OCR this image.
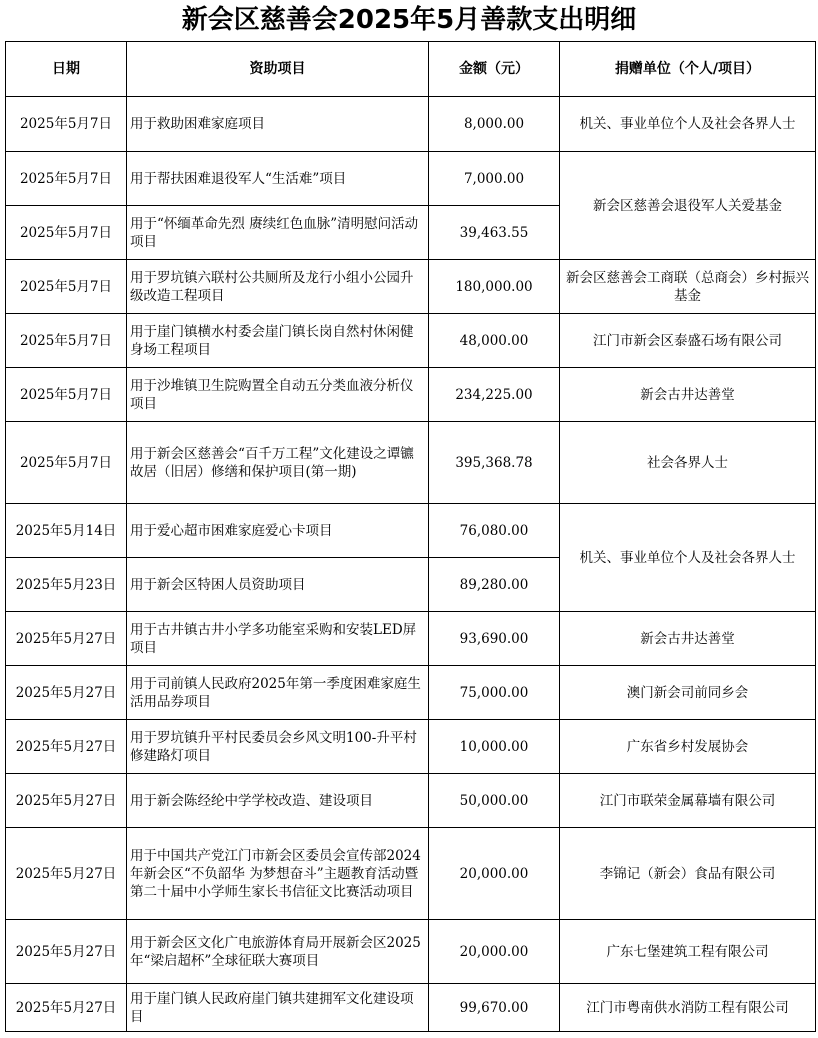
新会区慈善会2025年5月善款支出明细
日期	资助项目	金额（元）	捐赠单位（个人/项目）
2025年5月7日	用于救助困难家庭项目	8,000.00	机关、事业单位个人及社会各界人士
2025年5月7日	用于帮扶困难退役军人“生活难”项目	7,000.00	新会区慈善会退役军人关爱基金
2025年5月7日	用于“怀缅革命先烈 赓续红色血脉”清明慰问活动项目	39,463.55	
2025年5月7日	用于罗坑镇六联村公共厕所及龙行小组小公园升级改造工程项目	180,000.00	新会区慈善会工商联（总商会）乡村振兴基金
2025年5月7日	用于崖门镇横水村委会崖门镇长岗自然村休闲健身场工程项目	48,000.00	江门市新会区泰盛石场有限公司
2025年5月7日	用于沙堆镇卫生院购置全自动五分类血液分析仪项目	234,225.00	新会古井达善堂
2025年5月7日	用于新会区慈善会“百千万工程”文化建设之谭镳故居（旧居）修缮和保护项目(第一期)	395,368.78	社会各界人士
2025年5月14日	用于爱心超市困难家庭爱心卡项目	76,080.00	机关、事业单位个人及社会各界人士
2025年5月23日	用于新会区特困人员资助项目	89,280.00	
2025年5月27日	用于古井镇古井小学多功能室采购和安装LED屏项目	93,690.00	新会古井达善堂
2025年5月27日	用于司前镇人民政府2025年第一季度困难家庭生活用品券项目	75,000.00	澳门新会司前同乡会
2025年5月27日	用于罗坑镇升平村民委员会乡风文明100-升平村修建路灯项目	10,000.00	广东省乡村发展协会
2025年5月27日	用于新会陈经纶中学学校改造、建设项目	50,000.00	江门市联荣金属幕墙有限公司
2025年5月27日	用于中国共产党江门市新会区委员会宣传部2024年新会区“不负韶华 为梦想奋斗”主题教育活动暨第二十届中小学师生家长书信征文比赛活动项目	20,000.00	李锦记（新会）食品有限公司
2025年5月27日	用于新会区文化广电旅游体育局开展新会区2025年“梁启超杯”全球征联大赛项目	20,000.00	广东七堡建筑工程有限公司
2025年5月27日	用于崖门镇人民政府崖门镇共建拥军文化建设项目	99,670.00	江门市粤南供水消防工程有限公司
